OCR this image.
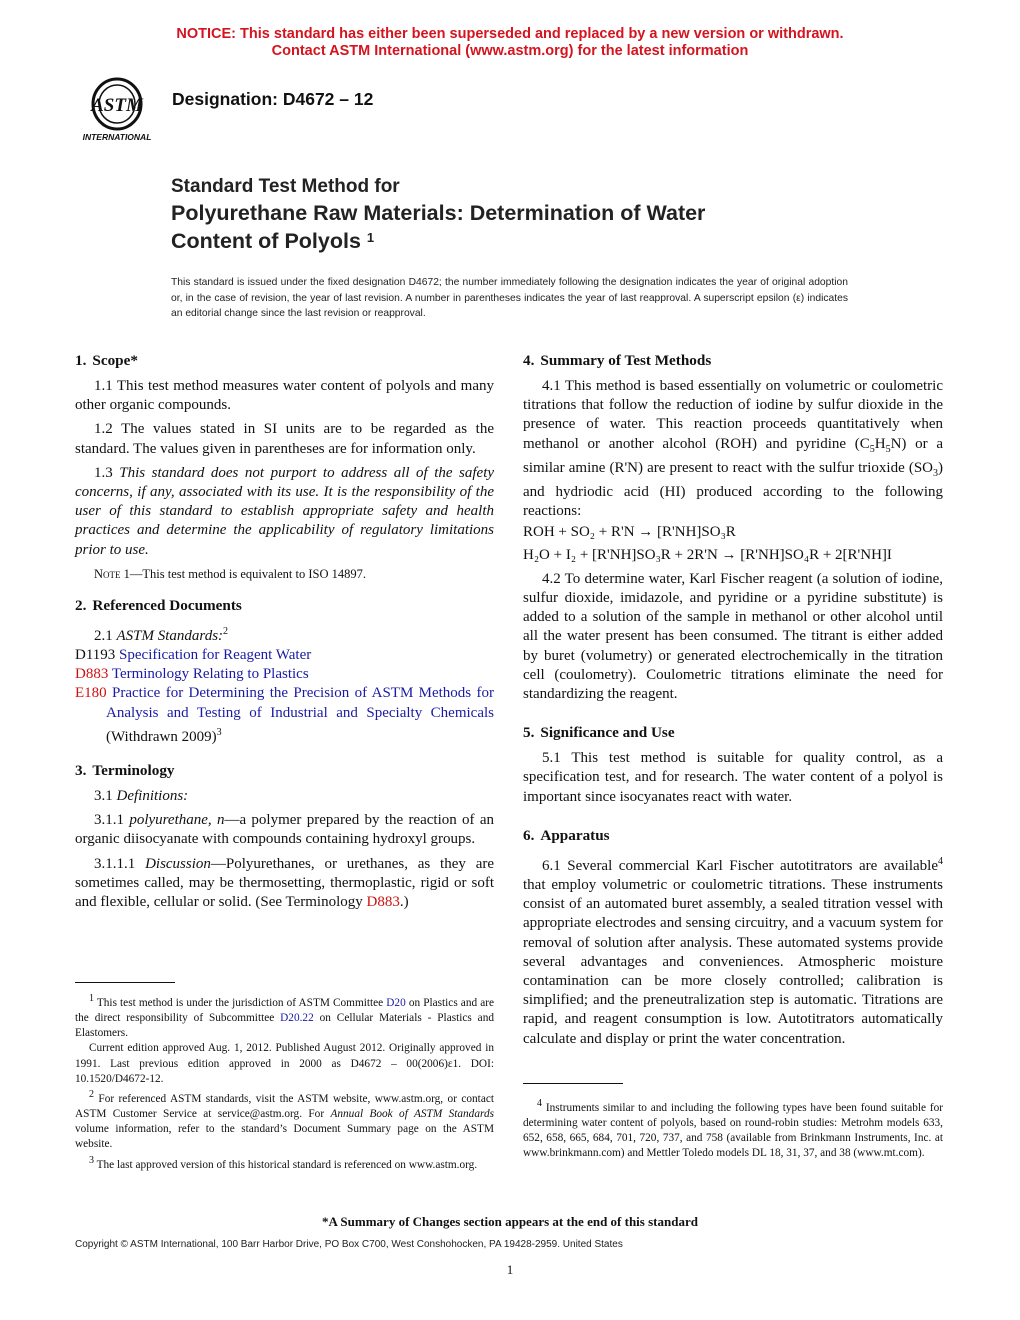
NOTICE: This standard has either been superseded and replaced by a new version or withdrawn.
Contact ASTM International (www.astm.org) for the latest information
ASTM
INTERNATIONAL
Designation: D4672 – 12
Standard Test Method for
Polyurethane Raw Materials: Determination of Water
Content of Polyols $^1$
This standard is issued under the fixed designation D4672; the number immediately following the designation indicates the year of original adoption or, in the case of revision, the year of last revision. A number in parentheses indicates the year of last reapproval. A superscript epsilon (ε) indicates an editorial change since the last revision or reapproval.
1. Scope*

1.1 This test method measures water content of polyols and many other organic compounds.

1.2 The values stated in SI units are to be regarded as the standard. The values given in parentheses are for information only.

1.3 This standard does not purport to address all of the safety concerns, if any, associated with its use. It is the responsibility of the user of this standard to establish appropriate safety and health practices and determine the applicability of regulatory limitations prior to use.

Note 1—This test method is equivalent to ISO 14897.

2. Referenced Documents

2.1 ASTM Standards:$^2$

D1193 Specification for Reagent Water
D883 Terminology Relating to Plastics
E180 Practice for Determining the Precision of ASTM Methods for Analysis and Testing of Industrial and Specialty Chemicals (Withdrawn 2009)$^3$
3. Terminology

3.1 Definitions:

3.1.1 polyurethane, n—a polymer prepared by the reaction of an organic diisocyanate with compounds containing hydroxyl groups.

3.1.1.1 Discussion—Polyurethanes, or urethanes, as they are sometimes called, may be thermosetting, thermoplastic, rigid or soft and flexible, cellular or solid. (See Terminology D883.)

$^1$ This test method is under the jurisdiction of ASTM Committee D20 on Plastics and are the direct responsibility of Subcommittee D20.22 on Cellular Materials - Plastics and Elastomers.

Current edition approved Aug. 1, 2012. Published August 2012. Originally approved in 1991. Last previous edition approved in 2000 as D4672 – 00(2006)ε1. DOI: 10.1520/D4672-12.

$^2$ For referenced ASTM standards, visit the ASTM website, www.astm.org, or contact ASTM Customer Service at service@astm.org. For Annual Book of ASTM Standards volume information, refer to the standard’s Document Summary page on the ASTM website.

$^3$ The last approved version of this historical standard is referenced on www.astm.org.

4. Summary of Test Methods

4.1 This method is based essentially on volumetric or coulometric titrations that follow the reduction of iodine by sulfur dioxide in the presence of water. This reaction proceeds quantitatively when methanol or another alcohol (ROH) and pyridine $(C_5H_5N)$ or a similar amine (R'N) are present to react with the sulfur trioxide $(SO_3)$ and hydriodic acid (HI) produced according to the following reactions:

ROH + SO₂ + R'N → [R'NH]SO₃R

H₂O + I₂ + [R'NH]SO₃R + 2R'N → [R'NH]SO₄R + 2[R'NH]I

4.2 To determine water, Karl Fischer reagent (a solution of iodine, sulfur dioxide, imidazole, and pyridine or a pyridine substitute) is added to a solution of the sample in methanol or other alcohol until all the water present has been consumed. The titrant is either added by buret (volumetry) or generated electrochemically in the titration cell (coulometry). Coulometric titrations eliminate the need for standardizing the reagent.

5. Significance and Use

5.1 This test method is suitable for quality control, as a specification test, and for research. The water content of a polyol is important since isocyanates react with water.

6. Apparatus

6.1 Several commercial Karl Fischer autotitrators are available$^4$ that employ volumetric or coulometric titrations. These instruments consist of an automated buret assembly, a sealed titration vessel with appropriate electrodes and sensing circuitry, and a vacuum system for removal of solution after analysis. These automated systems provide several advantages and conveniences. Atmospheric moisture contamination can be more closely controlled; calibration is simplified; and the preneutralization step is automatic. Titrations are rapid, and reagent consumption is low. Autotitrators automatically calculate and display or print the water concentration.

$^4$ Instruments similar to and including the following types have been found suitable for determining water content of polyols, based on round-robin studies: Metrohm models 633, 652, 658, 665, 684, 701, 720, 737, and 758 (available from Brinkmann Instruments, Inc. at www.brinkmann.com) and Mettler Toledo models DL 18, 31, 37, and 38 (www.mt.com).

*A Summary of Changes section appears at the end of this standard
Copyright © ASTM International, 100 Barr Harbor Drive, PO Box C700, West Conshohocken, PA 19428-2959. United States
1
